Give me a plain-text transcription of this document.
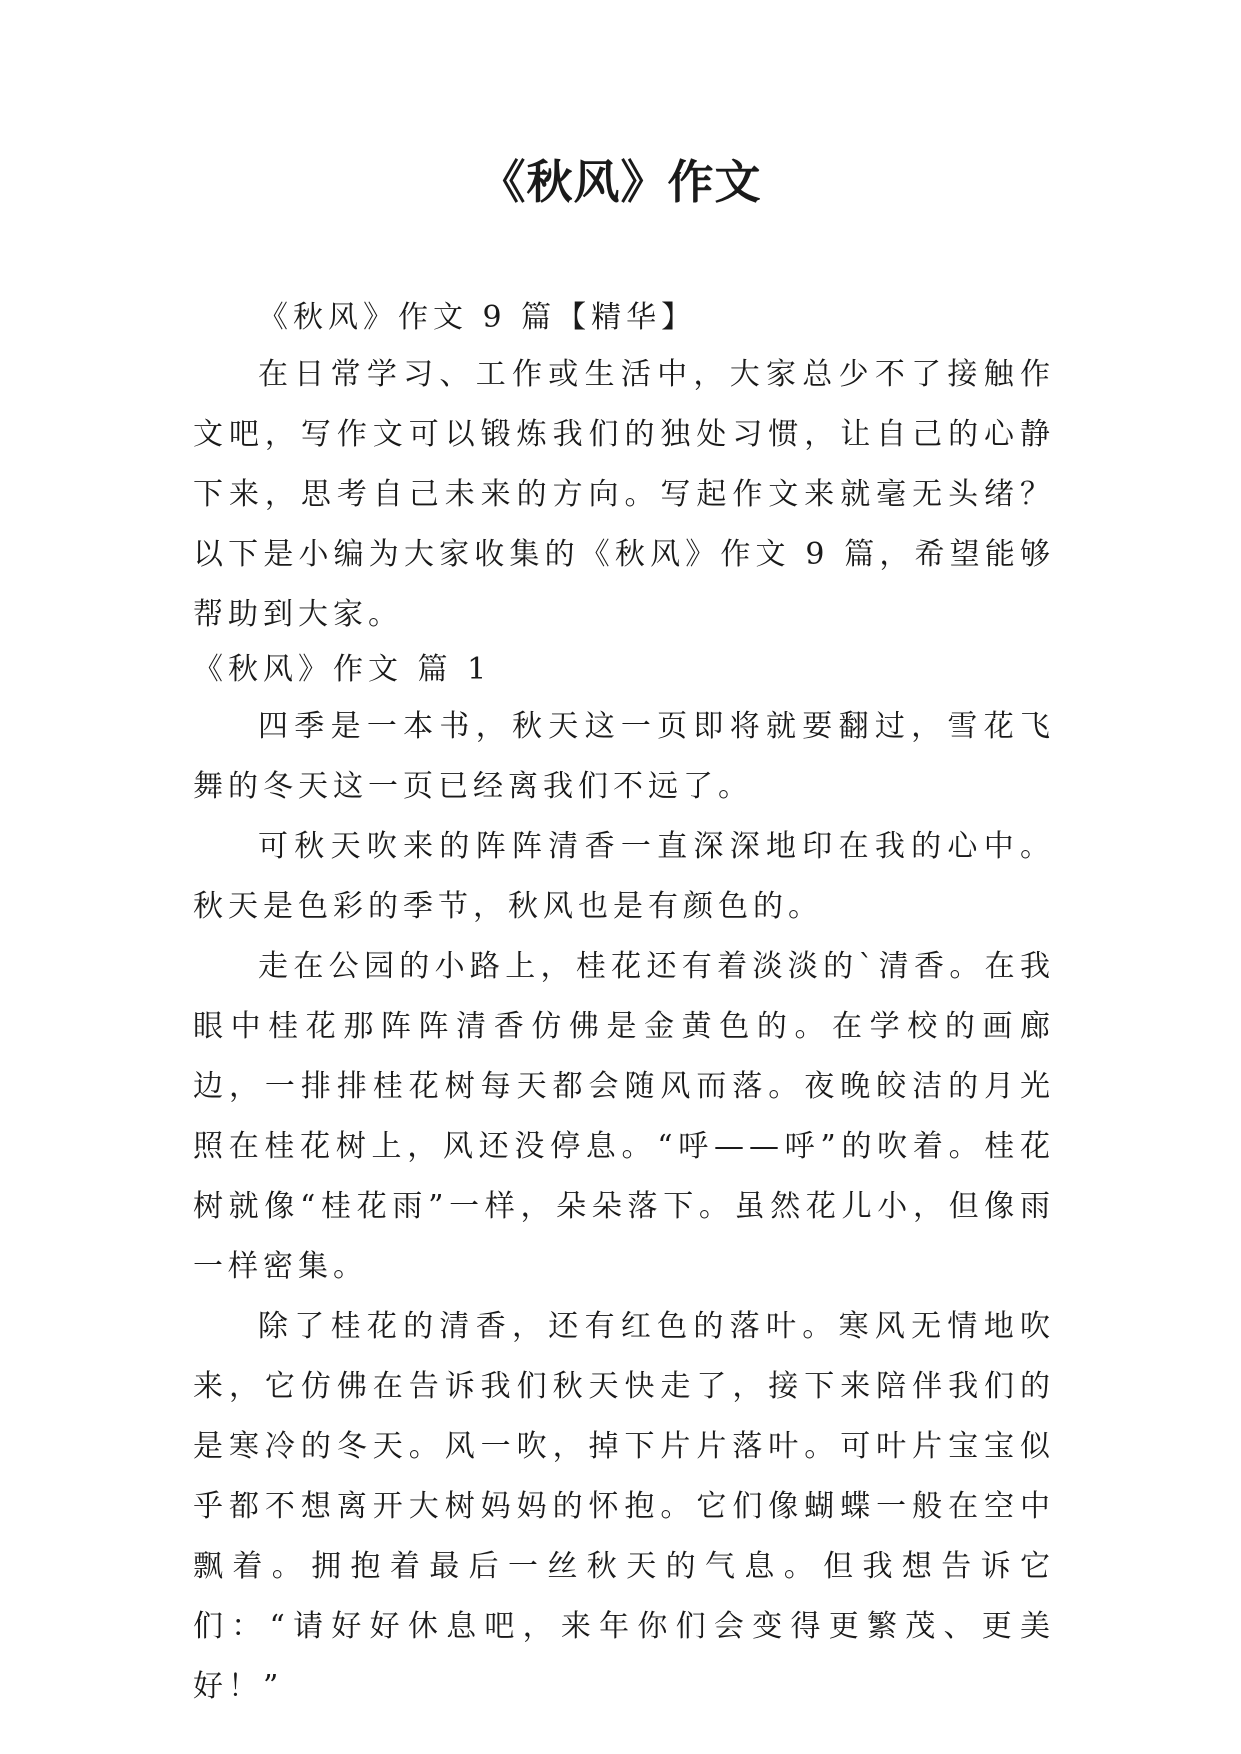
《秋风》作文
《秋风》作文 9 篇【精华】

在日常学习、工作或生活中，大家总少不了接触作文吧，写作文可以锻炼我们的独处习惯，让自己的心静下来，思考自己未来的方向。写起作文来就毫无头绪？以下是小编为大家收集的《秋风》作文 9 篇，希望能够帮助到大家。

《秋风》作文 篇 1

四季是一本书，秋天这一页即将就要翻过，雪花飞舞的冬天这一页已经离我们不远了。

可秋天吹来的阵阵清香一直深深地印在我的心中。秋天是色彩的季节，秋风也是有颜色的。

走在公园的小路上，桂花还有着淡淡的`清香。在我眼中桂花那阵阵清香仿佛是金黄色的。在学校的画廊边，一排排桂花树每天都会随风而落。夜晚皎洁的月光照在桂花树上，风还没停息。“呼——呼”的吹着。桂花树就像“桂花雨”一样，朵朵落下。虽然花儿小，但像雨一样密集。

除了桂花的清香，还有红色的落叶。寒风无情地吹来，它仿佛在告诉我们秋天快走了，接下来陪伴我们的是寒冷的冬天。风一吹，掉下片片落叶。可叶片宝宝似乎都不想离开大树妈妈的怀抱。它们像蝴蝶一般在空中飘着。拥抱着最后一丝秋天的气息。但我想告诉它们：“请好好休息吧，来年你们会变得更繁茂、更美好！”
